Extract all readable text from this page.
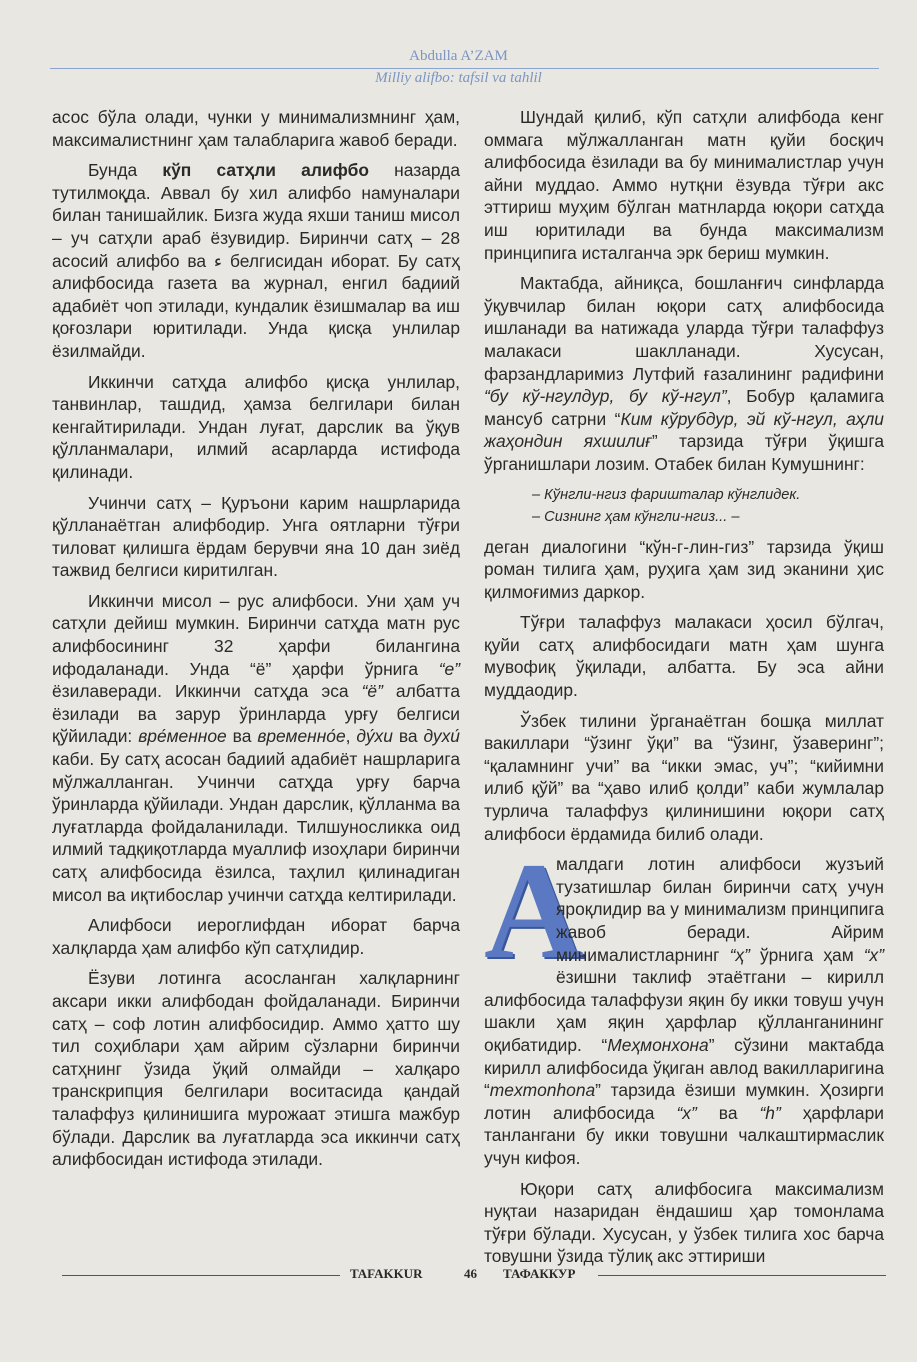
Abdulla A’ZAM
Milliy alifbo: tafsil va tahlil

асос бўла олади, чунки у минимализмнинг ҳам, максималистнинг ҳам талабларига жавоб беради.

Бунда кўп сатҳли алифбо назарда тутилмоқда. Аввал бу хил алифбо намуналари билан танишайлик. Бизга жуда яхши таниш мисол – уч сатҳли араб ёзувидир. Биринчи сатҳ – 28 асосий алифбо ва ء белгисидан иборат. Бу сатҳ алифбосида газета ва журнал, енгил бадиий адабиёт чоп этилади, кундалик ёзишмалар ва иш қоғозлари юритилади. Унда қисқа унлилар ёзилмайди.

Иккинчи сатҳда алифбо қисқа унлилар, танвинлар, ташдид, ҳамза белгилари билан кенгайтирилади. Ундан луғат, дарслик ва ўқув қўлланмалари, илмий асарларда истифода қилинади.

Учинчи сатҳ – Қуръони карим нашрларида қўлланаётган алифбодир. Унга оятларни тўғри тиловат қилишга ёрдам берувчи яна 10 дан зиёд тажвид белгиси киритилган.

Иккинчи мисол – рус алифбоси. Уни ҳам уч сатҳли дейиш мумкин. Биринчи сатҳда матн рус алифбосининг 32 ҳарфи билангина ифодаланади. Унда “ё” ҳарфи ўрнига “е” ёзилаверади. Иккинчи сатҳда эса “ё” албатта ёзилади ва зарур ўринларда урғу белгиси қўйилади: вре́менное ва временно́е, ду́хи ва духи́ каби. Бу сатҳ асосан бадиий адабиёт нашрларига мўлжалланган. Учинчи сатҳда урғу барча ўринларда қўйилади. Ундан дарслик, қўлланма ва луғатларда фойдаланилади. Тилшуносликка оид илмий тадқиқотларда муаллиф изоҳлари биринчи сатҳ алифбосида ёзилса, таҳлил қилинадиган мисол ва иқтибослар учинчи сатҳда келтирилади.

Алифбоси иероглифдан иборат барча халқларда ҳам алифбо кўп сатҳлидир.

Ёзуви лотинга асосланган халқларнинг аксари икки алифбодан фойдаланади. Биринчи сатҳ – соф лотин алифбосидир. Аммо ҳатто шу тил соҳиблари ҳам айрим сўзларни биринчи сатҳнинг ўзида ўқий олмайди – халқаро транскрипция белгилари воситасида қандай талаффуз қилинишига мурожаат этишга мажбур бўлади. Дарслик ва луғатларда эса иккинчи сатҳ алифбосидан истифода этилади.

Шундай қилиб, кўп сатҳли алифбода кенг оммага мўлжалланган матн қуйи босқич алифбосида ёзилади ва бу минималистлар учун айни муддао. Аммо нутқни ёзувда тўғри акс эттириш муҳим бўлган матнларда юқори сатҳда иш юритилади ва бунда максимализм принципига исталганча эрк бериш мумкин.

Мактабда, айниқса, бошланғич синфларда ўқувчилар билан юқори сатҳ алифбосида ишланади ва натижада уларда тўғри талаффуз малакаси шаклланади. Хусусан, фарзандларимиз Лутфий ғазалининг радифини “бу кў-нгулдур, бу кў-нгул”, Бобур қаламига мансуб сатрни “Ким кўрубдур, эй кў-нгул, аҳли жаҳондин яхшилиғ” тарзида тўғри ўқишга ўрганишлари лозим. Отабек билан Кумушнинг:

– Кўнгли-нгиз фаришталар кўнглидек.
– Сизнинг ҳам кўнгли-нгиз... –

деган диалогини “кўн-г-лин-гиз” тарзида ўқиш роман тилига ҳам, руҳига ҳам зид эканини ҳис қилмоғимиз даркор.

Тўғри талаффуз малакаси ҳосил бўлгач, қуйи сатҳ алифбосидаги матн ҳам шунга мувофиқ ўқилади, албатта. Бу эса айни муддаодир.

Ўзбек тилини ўрганаётган бошқа миллат вакиллари “ўзинг ўқи” ва “ўзинг, ўзаверинг”; “қаламнинг учи” ва “икки эмас, уч”; “кийимни илиб қўй” ва “ҳаво илиб қолди” каби жумлалар турлича талаффуз қилинишини юқори сатҳ алифбоси ёрдамида билиб олади.

А
малдаги лотин алифбоси жузъий тузатишлар билан биринчи сатҳ учун яроқлидир ва у минимализм принципига жавоб беради. Айрим минималистларнинг “ҳ” ўрнига ҳам “х” ёзишни таклиф этаётгани – кирилл алифбосида талаффузи яқин бу икки товуш учун шакли ҳам яқин ҳарфлар қўлланганининг оқибатидир. “Меҳмонхона” сўзини мактабда кирилл алифбосида ўқиган авлод вакилларигина “mexmonhona” тарзида ёзиши мумкин. Ҳозирги лотин алифбосида “х” ва “h” ҳарфлари танлангани бу икки товушни чалкаштирмаслик учун кифоя.

Юқори сатҳ алифбосига максимализм нуқтаи назаридан ёндашиш ҳар томонлама тўғри бўлади. Хусусан, у ўзбек тилига хос барча товушни ўзида тўлиқ акс эттириши

TAFAKKUR	46 ТАФАККУР
